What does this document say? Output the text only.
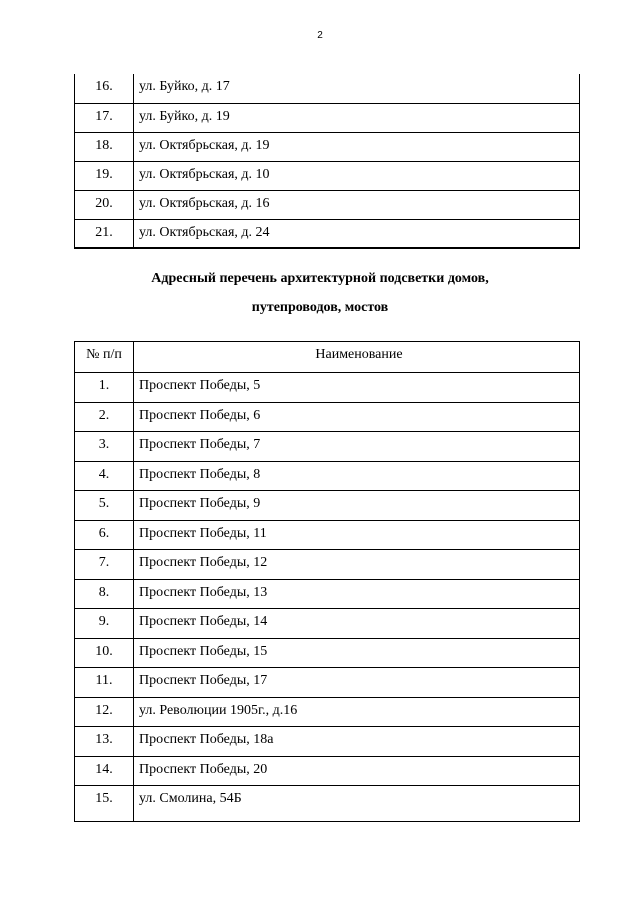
2
16.	ул. Буйко, д. 17
17.	ул. Буйко, д. 19
18.	ул. Октябрьская, д. 19
19.	ул. Октябрьская, д. 10
20.	ул. Октябрьская, д. 16
21.	ул. Октябрьская, д. 24
Адресный перечень архитектурной подсветки домов,
путепроводов, мостов
№ п/п	Наименование
1.	Проспект Победы, 5
2.	Проспект Победы, 6
3.	Проспект Победы, 7
4.	Проспект Победы, 8
5.	Проспект Победы, 9
6.	Проспект Победы, 11
7.	Проспект Победы, 12
8.	Проспект Победы, 13
9.	Проспект Победы, 14
10.	Проспект Победы, 15
11.	Проспект Победы, 17
12.	ул. Революции 1905г., д.16
13.	Проспект Победы, 18а
14.	Проспект Победы, 20
15.	ул. Смолина, 54Б
